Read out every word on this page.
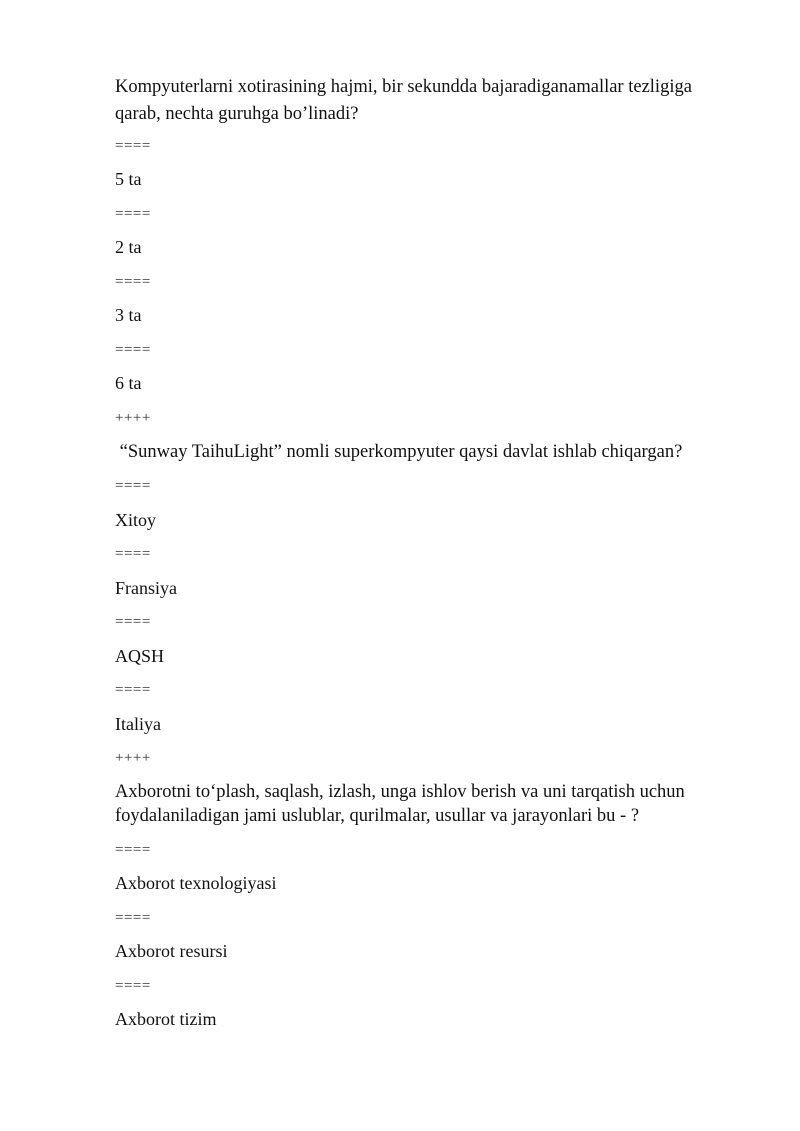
Kompyuterlarni xotirasining hajmi, bir sekundda bajaradiganamallar tezligiga
qarab, nechta guruhga bo’linadi?
====
5 ta
====
2 ta
====
3 ta
====
6 ta
++++
“Sunway TaihuLight” nomli superkompyuter qaysi davlat ishlab chiqargan?
====
Xitoy
====
Fransiya
====
AQSH
====
Italiya
++++
Axborotni to‘plash, saqlash, izlash, unga ishlov berish va uni tarqatish uchun
foydalaniladigan jami uslublar, qurilmalar, usullar va jarayonlari bu - ?
====
Axborot texnologiyasi
====
Axborot resursi
====
Axborot tizim
